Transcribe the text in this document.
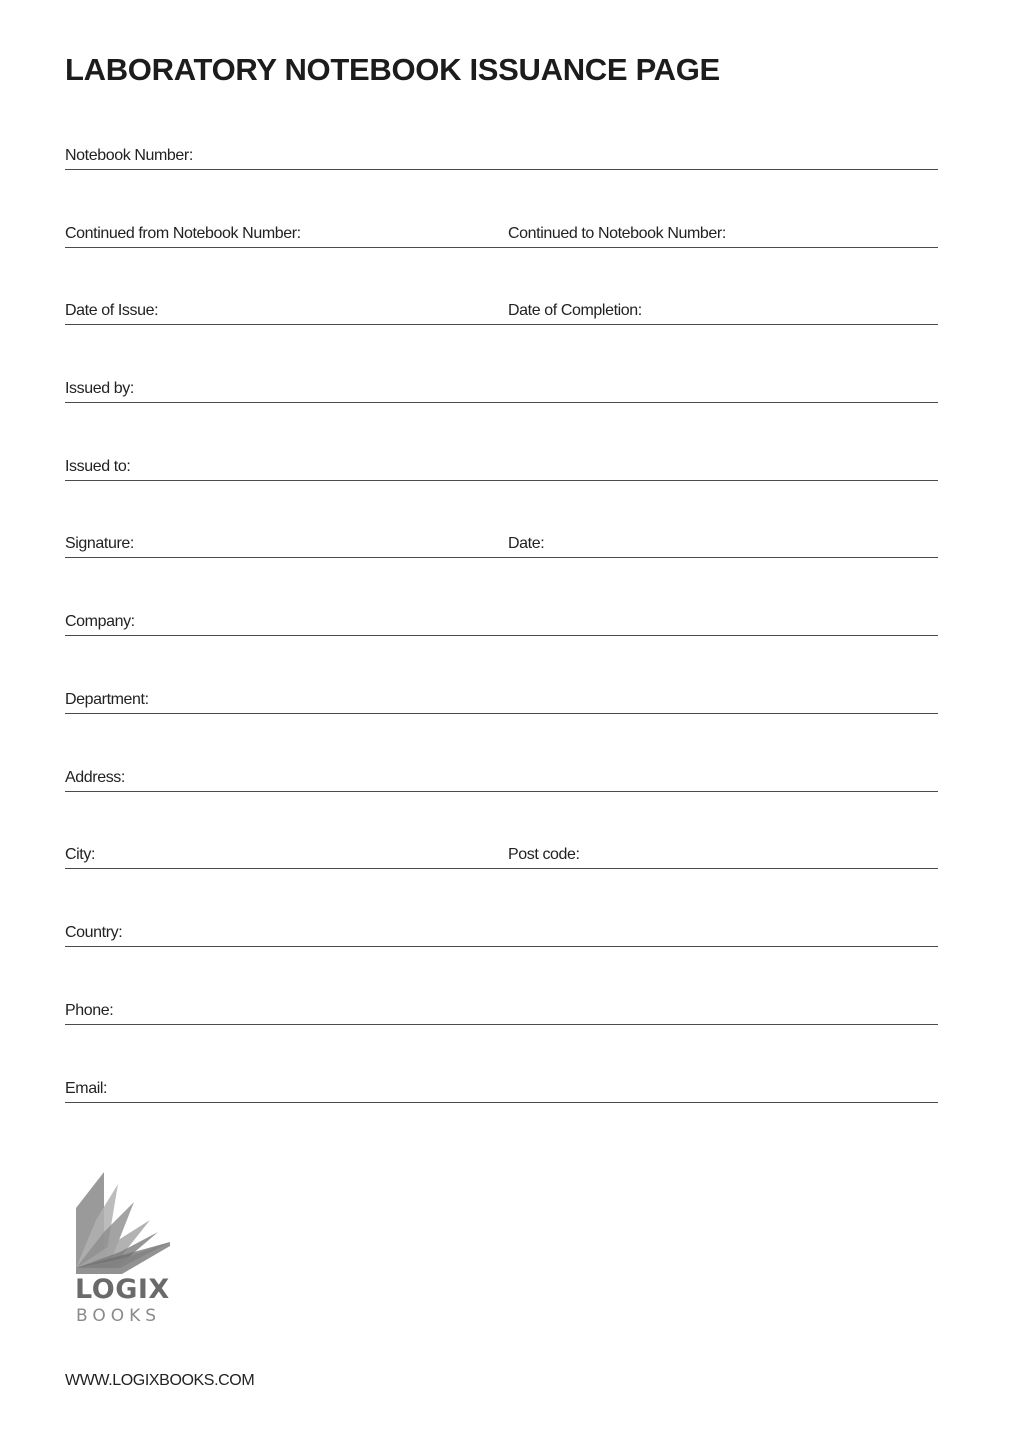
LABORATORY NOTEBOOK ISSUANCE PAGE
Notebook Number:
Continued from Notebook Number:	Continued to Notebook Number:
Date of Issue:	Date of Completion:
Issued by:
Issued to:
Signature:	Date:
Company:
Department:
Address:
City:	Post code:
Country:
Phone:
Email:
LOGIX
BOOKS
WWW.LOGIXBOOKS.COM
